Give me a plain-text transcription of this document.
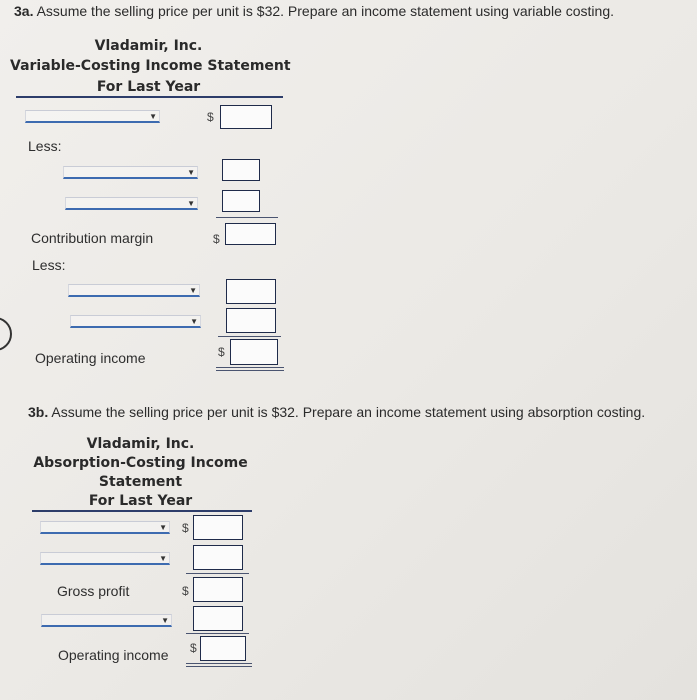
3a. Assume the selling price per unit is $32. Prepare an income statement using variable costing.
Vladamir, Inc.
Variable-Costing Income Statement
For Last Year
▼	$
Less:
▼
▼
Contribution margin	$
Less:
▼
▼
Operating income	$
3b. Assume the selling price per unit is $32. Prepare an income statement using absorption costing.
Vladamir, Inc.
Absorption-Costing Income
Statement
For Last Year
▼ $
▼
Gross profit	$
▼
Operating income $
